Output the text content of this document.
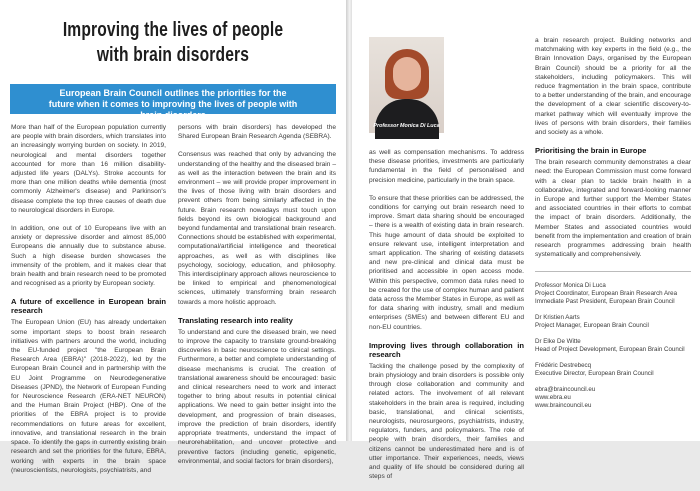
Improving the lives of people
with brain disorders
European Brain Council outlines the priorities for the future when it comes to improving the lives of people with brain disorders

More than half of the European population currently are people with brain disorders, which translates into an increasingly worrying burden on society. In 2019, neurological and mental disorders together accounted for more than 16 million disability-adjusted life years (DALYs). Stroke accounts for more than one million deaths while dementia (most commonly Alzheimer's disease) and Parkinson's disease complete the top three causes of death due to neurological disorders in Europe.

In addition, one out of 10 Europeans live with an anxiety or depressive disorder and almost 85,000 Europeans die annually due to substance abuse. Such a high disease burden showcases the immensity of the problem, and it makes clear that brain health and brain research need to be promoted and recognised as a priority by European society.

A future of excellence in European brain research

The European Union (EU) has already undertaken some important steps to boost brain research initiatives with partners around the world, including the EU-funded project "the European Brain Research Area (EBRA)" (2018-2022), led by the European Brain Council and in partnership with the EU Joint Programme on Neurodegenerative Diseases (JPND), the Network of European Funding for Neuroscience Research (ERA-NET NEURON) and the Human Brain Project (HBP). One of the priorities of the EBRA project is to provide recommendations on future areas for excellent, innovative, and translational research in the brain space. To identify the gaps in currently existing brain research and set the priorities for the future, EBRA, working with experts in the brain space (neuroscientists, neurologists, psychiatrists, and

persons with brain disorders) has developed the Shared European Brain Research Agenda (SEBRA).

Consensus was reached that only by advancing the understanding of the healthy and the diseased brain – as well as the interaction between the brain and its environment – we will provide proper improvement in the lives of those living with brain disorders and prevent others from being similarly affected in the future. Brain research nowadays must touch upon fields beyond its own biological background and beyond fundamental and translational brain research. Connections should be established with experimental, computational/artificial intelligence and theoretical approaches, as well as with disciplines like psychology, sociology, education, and philosophy. This interdisciplinary approach allows neuroscience to be linked to empirical and phenomenological sciences, ultimately transforming brain research towards a more holistic approach.

Translating research into reality

To understand and cure the diseased brain, we need to improve the capacity to translate ground-breaking discoveries in basic neuroscience to clinical settings. Furthermore, a better and complete understanding of disease mechanisms is crucial. The creation of translational awareness should be encouraged: basic and clinical researchers need to work and interact together to bring about results in potential clinical applications. We need to gain better insight into the development, and progression of brain diseases, improve the prediction of brain disorders, identify appropriate treatments, understand the impact of neurorehabilitation, and uncover protective and preventive factors (including genetic, epigenetic, environmental, and social factors for brain disorders),

Professor Monica Di Luca

as well as compensation mechanisms. To address these disease priorities, investments are particularly fundamental in the field of personalised and precision medicine, particularly in the brain space.

To ensure that these priorities can be addressed, the conditions for carrying out brain research need to improve. Smart data sharing should be encouraged – there is a wealth of existing data in brain research. This huge amount of data should be exploited to ensure relevant use, intelligent interpretation and smart application. The sharing of existing datasets and new pre-clinical and clinical data must be prioritised and accessible in open access mode. Within this perspective, common data rules need to be created for the use of complex human and patient data across the Member States in Europe, as well as for data sharing with industry, small and medium enterprises (SMEs) and between different EU and non-EU countries.

Improving lives through collaboration in research

Tackling the challenge posed by the complexity of brain physiology and brain disorders is possible only through close collaboration and community and related actors. The involvement of all relevant stakeholders in the brain area is required, including basic, translational, and clinical scientists, neurologists, neurosurgeons, psychiatrists, industry, regulators, funders, and policymakers. The role of people with brain disorders, their families and citizens cannot be underestimated here and is of utter importance. Their experiences, needs, views and quality of life should be considered during all steps of

a brain research project. Building networks and matchmaking with key experts in the field (e.g., the Brain Innovation Days, organised by the European Brain Council) should be a priority for all the stakeholders, including policymakers. This will reduce fragmentation in the brain space, contribute to a better understanding of the brain, and encourage the development of a clear scientific discovery-to-market pathway which will eventually improve the lives of persons with brain disorders, their families and society as a whole.

Prioritising the brain in Europe

The brain research community demonstrates a clear need: the European Commission must come forward with a clear plan to tackle brain health in a collaborative, integrated and forward-looking manner in Europe and further support the Member States and associated countries in their efforts to combat the impact of brain disorders. Additionally, the Member States and associated countries would benefit from the implementation and creation of brain research programmes addressing brain health systematically and comprehensively.

Professor Monica Di Luca
Project Coordinator, European Brain Research Area
Immediate Past President, European Brain Council
Dr Kristien Aarts
Project Manager, European Brain Council
Dr Elke De Witte
Head of Project Development, European Brain Council
Frédéric Destrebecq
Executive Director, European Brain Council
ebra@braincouncil.eu
www.ebra.eu
www.braincouncil.eu
